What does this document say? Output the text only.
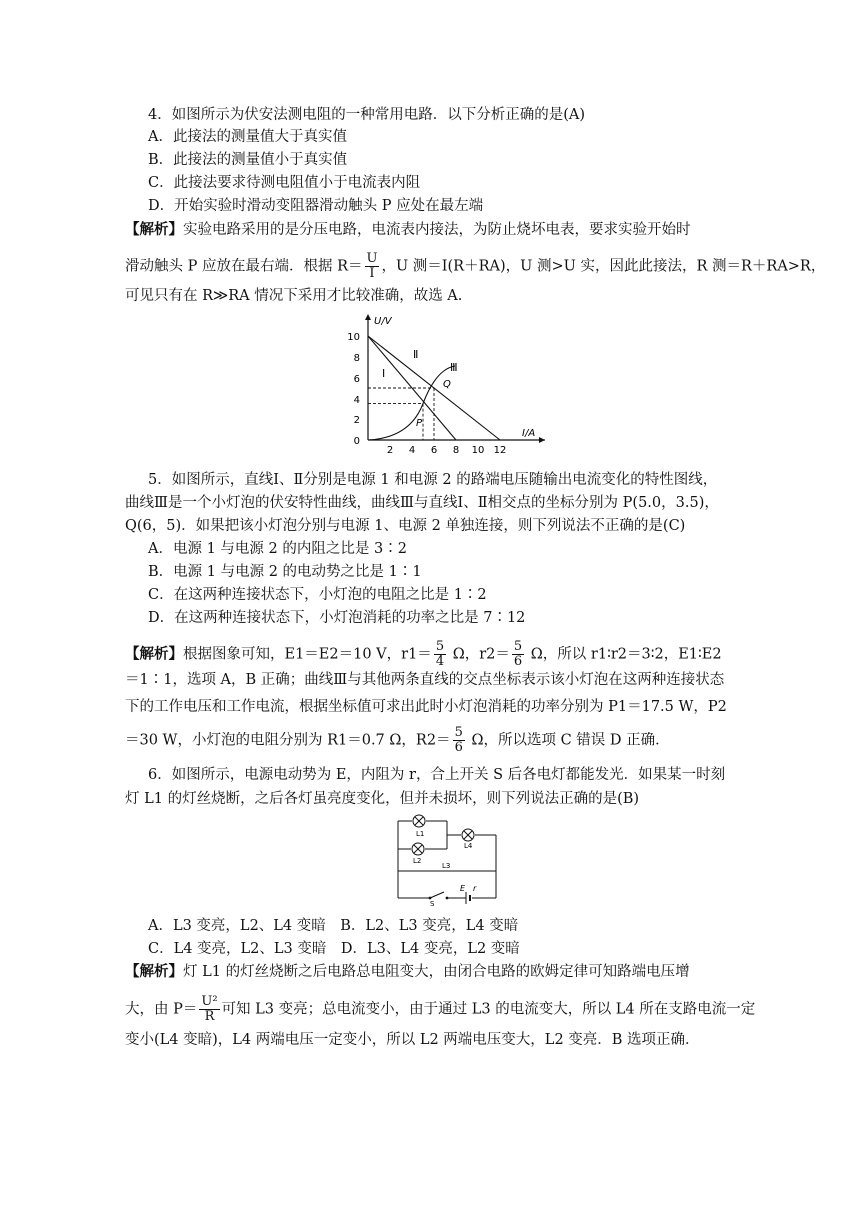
4．如图所示为伏安法测电阻的一种常用电路．以下分析正确的是(A)
A．此接法的测量值大于真实值
B．此接法的测量值小于真实值
C．此接法要求待测电阻值小于电流表内阻
D．开始实验时滑动变阻器滑动触头 P 应处在最左端
【解析】实验电路采用的是分压电路，电流表内接法，为防止烧坏电表，要求实验开始时
滑动触头 P 应放在最右端．根据 $R= \frac{U}{I}$ ，U 测＝I(R＋RA)，U 测>U 实，因此此接法，R 测＝R＋RA>R，
可见只有在 R≫RA 情况下采用才比较准确，故选 A.
10
8
6
4
2
0
2 4 6 8 10 12
U/V
I/A
Ⅰ
Ⅱ
Ⅲ
Q
P
5．如图所示，直线Ⅰ、Ⅱ分别是电源 1 和电源 2 的路端电压随输出电流变化的特性图线，
曲线Ⅲ是一个小灯泡的伏安特性曲线，曲线Ⅲ与直线Ⅰ、Ⅱ相交点的坐标分别为 P(5.0，3.5)，
Q(6，5)．如果把该小灯泡分别与电源 1、电源 2 单独连接，则下列说法不正确的是(C)
A．电源 1 与电源 2 的内阻之比是 3∶2
B．电源 1 与电源 2 的电动势之比是 1∶1
C．在这两种连接状态下，小灯泡的电阻之比是 1∶2
D．在这两种连接状态下，小灯泡消耗的功率之比是 7∶12
【解析】根据图象可知，E1＝E2＝10 V，$r1= \frac{5}{4}$ Ω，$r2= \frac{5}{6}$ Ω，所以 r1∶r2＝3∶2，E1∶E2
＝1∶1，选项 A，B 正确；曲线Ⅲ与其他两条直线的交点坐标表示该小灯泡在这两种连接状态
下的工作电压和工作电流，根据坐标值可求出此时小灯泡消耗的功率分别为 P1＝17.5 W，P2
＝30 W，小灯泡的电阻分别为 R1＝0.7 Ω，$R2= \frac{5}{6}$ Ω，所以选项 C 错误 D 正确．
6．如图所示，电源电动势为 E，内阻为 r，合上开关 S 后各电灯都能发光．如果某一时刻
灯 L1 的灯丝烧断，之后各灯虽亮度变化，但并未损坏，则下列说法正确的是(B)
L1
L4
L2
L3
S
E r
A．L3 变亮，L2、L4 变暗　B．L2、L3 变亮，L4 变暗
C．L4 变亮，L2、L3 变暗　D．L3、L4 变亮，L2 变暗
【解析】灯 L1 的灯丝烧断之后电路总电阻变大，由闭合电路的欧姆定律可知路端电压增
大，由 $P= \frac{\text{U²}}{R}$ 可知 L3 变亮；总电流变小，由于通过 L3 的电流变大，所以 L4 所在支路电流一定
变小(L4 变暗)，L4 两端电压一定变小，所以 L2 两端电压变大，L2 变亮．B 选项正确．
